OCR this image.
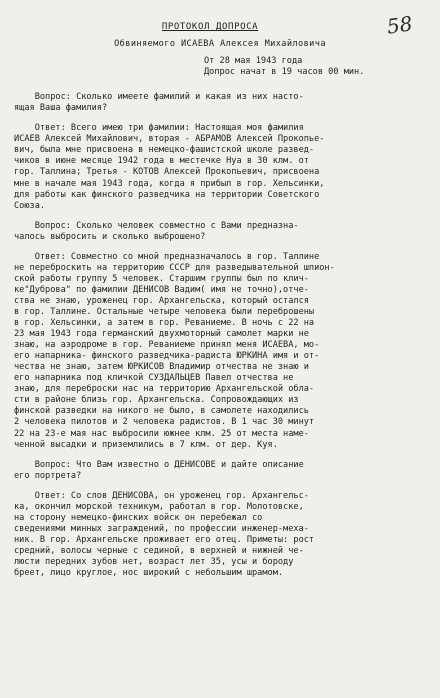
58
ПРОТОКОЛ ДОПРОСА
Обвиняемого ИСАЕВА Алексея Михайловича
От 28 мая 1943 года
Допрос начат в 19 часов 00 мин.
Вопрос: Сколько имеете фамилий и какая из них насто-
ящая Ваша фамилия?
Ответ: Всего имею три фамилии: Настоящая моя фамилия
ИСАЕВ Алексей Михайлович, вторая - АБРАМОВ Алексей Прокопье-
вич, была мне присвоена в немецко-фашистской школе развед-
чиков в июне месяце 1942 года в местечке Нуа в 30 клм. от
гор. Таллина; Третья - КОТОВ Алексей Прокопьевич, присвоена
мне в начале мая 1943 года, когда я прибыл в гор. Хельсинки,
для работы как финского разведчика на территории Советского
Союза.
Вопрос: Сколько человек совместно с Вами предназна-
чалось выбросить и сколько выброшено?
Ответ: Совместно со мной предназначалось в гор. Таллине
не переброскить на территорию СССР для разведывательной шпион-
ской работы группу 5 человек. Старшим группы был по клич-
ке"Дуброва" по фамилии ДЕНИСОВ Вадим( имя не точно),отче-
ства не знаю, уроженец гор. Архангельска, который остался
в гор. Таллине. Остальные четыре человека были переброшены
в гор. Хельсинки, а затем в гор. Реваниеме. В ночь с 22 на
23 мая 1943 года германский двухмоторный самолет марки не
знаю, на аэродроме в гор. Реваниеме принял меня ИСАЕВА, мо-
его напарника- финского разведчика-радиста ЮРКИНА имя и от-
чества не знаю, затем ЮРКИСОВ Владимир отчества не знаю и
его напарника под кличкой СУЗДАЛЬЦЕВ Павел отчества не
знаю, для переброски нас на территорию Архангельской обла-
сти в районе близь гор. Архангельска. Сопровождающих из
финской разведки на никого не было, в самолете находились
2 человека пилотов и 2 человека радистов. В 1 час 30 минут
22 на 23-е мая нас выбросили южнее клм. 25 от места наме-
ченной высадки и приземлились в 7 клм. от дер. Куя.
Вопрос: Что Вам известно о ДЕНИСОВЕ и дайте описание
его портрета?
Ответ: Со слов ДЕНИСОВА, он уроженец гор. Архангельс-
ка, окончил морской техникум, работал в гор. Молотовске,
на сторону немецко-финских войск он перебежал со
сведениями минных заграждений, по профессии инженер-меха-
ник. В гор. Архангельске проживает его отец. Приметы: рост
средний, волосы черные с сединой, в верхней и нижней че-
люсти передних зубов нет, возраст лет 35, усы и бороду
бреет, лицо круглое, нос широкий с небольшим шрамом.
